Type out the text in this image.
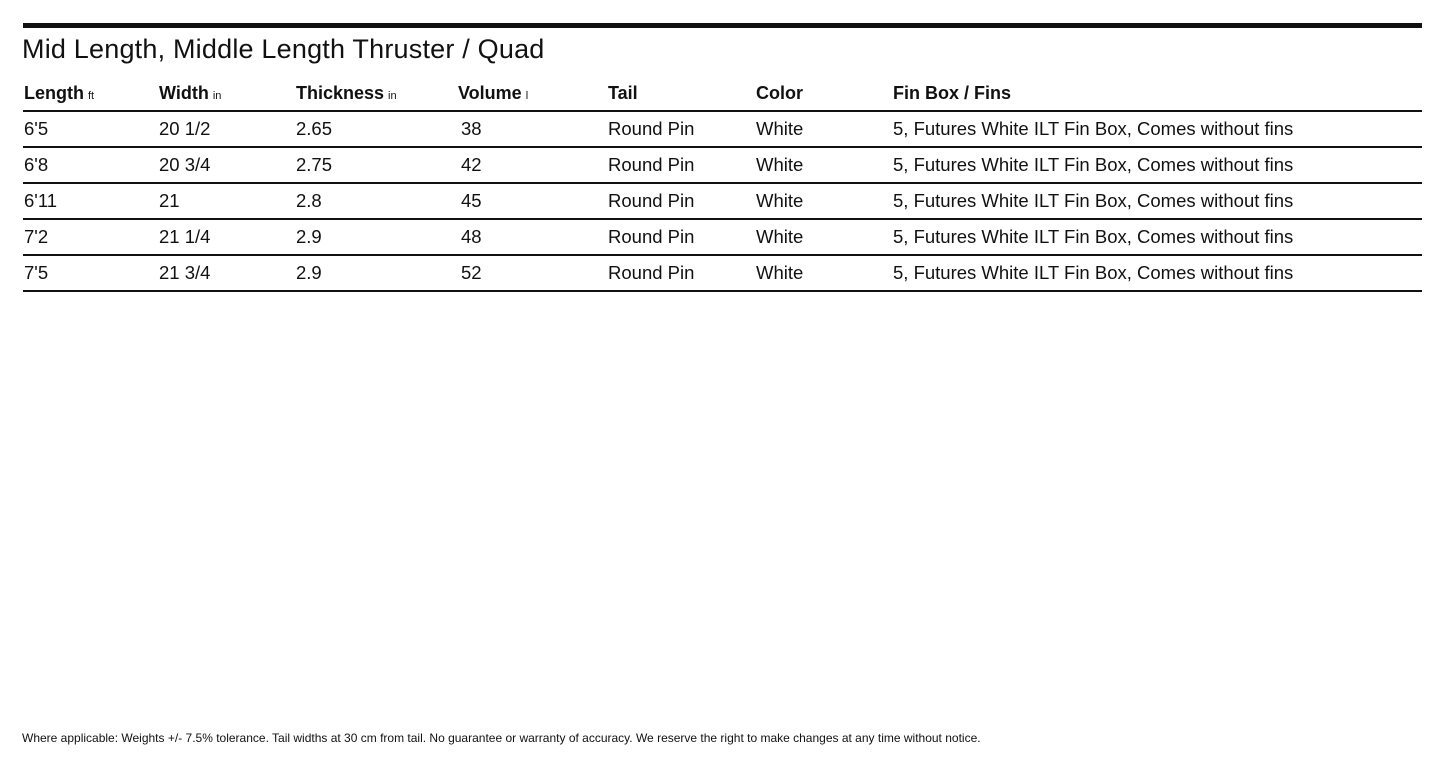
Mid Length, Middle Length Thruster / Quad
Length ft	Width in	Thickness in	Volume l	Tail	Color	Fin Box / Fins
6'5	20 1/2	2.65	38	Round Pin	White	5, Futures White ILT Fin Box, Comes without fins
6'8	20 3/4	2.75	42	Round Pin	White	5, Futures White ILT Fin Box, Comes without fins
6'11	21	2.8	45	Round Pin	White	5, Futures White ILT Fin Box, Comes without fins
7'2	21 1/4	2.9	48	Round Pin	White	5, Futures White ILT Fin Box, Comes without fins
7'5	21 3/4	2.9	52	Round Pin	White	5, Futures White ILT Fin Box, Comes without fins
Where applicable: Weights +/- 7.5% tolerance. Tail widths at 30 cm from tail. No guarantee or warranty of accuracy. We reserve the right to make changes at any time without notice.
